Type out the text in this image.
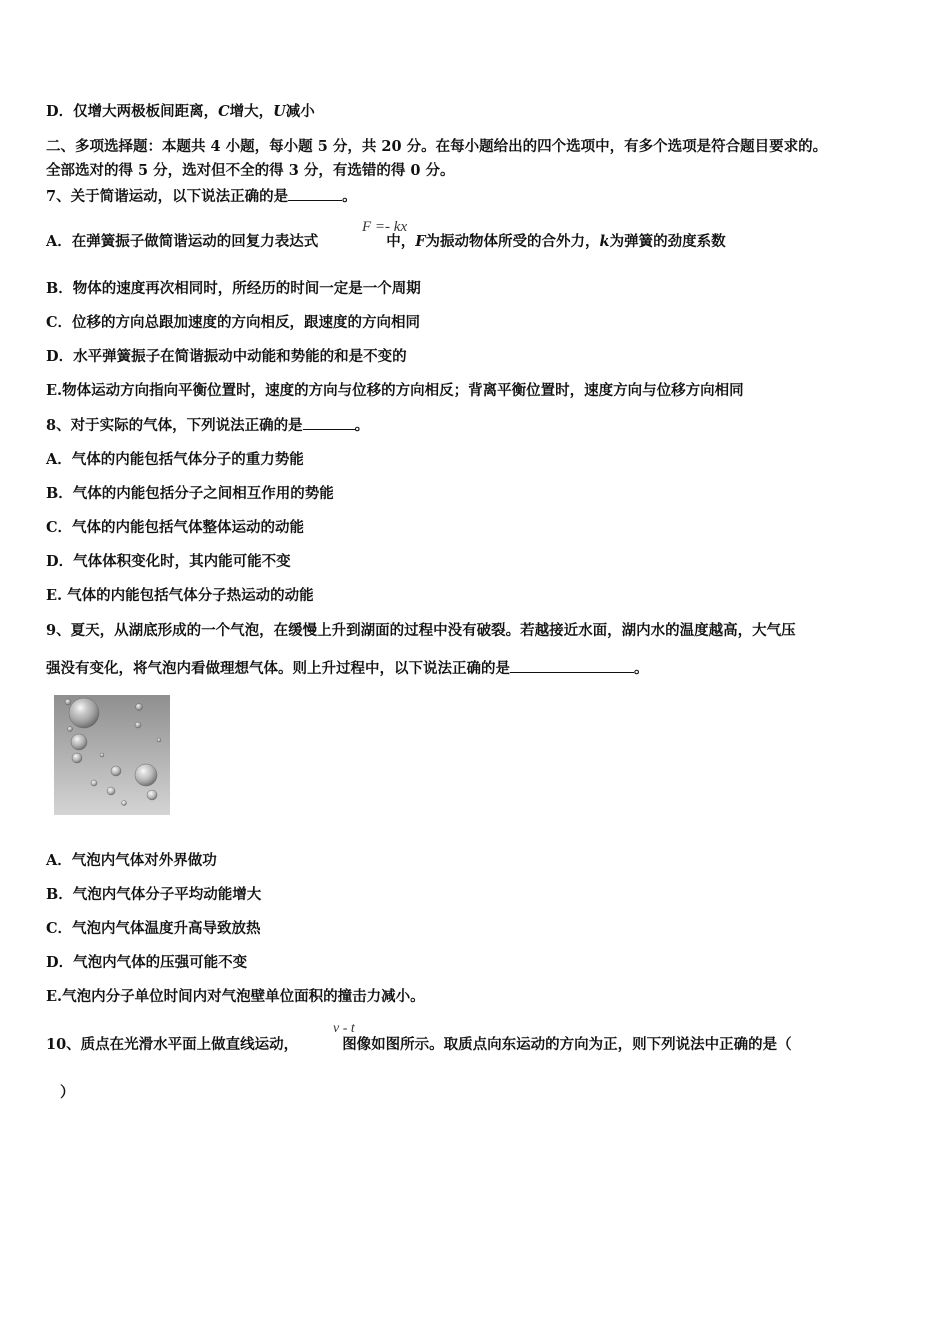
D．仅增大两极板间距离，C增大，U减小
二、多项选择题：本题共 4 小题，每小题 5 分，共 20 分。在每小题给出的四个选项中，有多个选项是符合题目要求的。
全部选对的得 5 分，选对但不全的得 3 分，有选错的得 0 分。
7、关于简谐运动，以下说法正确的是	。
A．在弹簧振子做简谐运动的回复力表达式	中，F为振动物体所受的合外力，k为弹簧的劲度系数
F =- kx
B．物体的速度再次相同时，所经历的时间一定是一个周期
C．位移的方向总跟加速度的方向相反，跟速度的方向相同
D．水平弹簧振子在简谐振动中动能和势能的和是不变的
E.物体运动方向指向平衡位置时，速度的方向与位移的方向相反；背离平衡位置时，速度方向与位移方向相同
8、对于实际的气体，下列说法正确的是	。
A．气体的内能包括气体分子的重力势能
B．气体的内能包括分子之间相互作用的势能
C．气体的内能包括气体整体运动的动能
D．气体体积变化时，其内能可能不变
E. 气体的内能包括气体分子热运动的动能
9、夏天，从湖底形成的一个气泡，在缓慢上升到湖面的过程中没有破裂。若越接近水面，湖内水的温度越高，大气压
强没有变化，将气泡内看做理想气体。则上升过程中，以下说法正确的是	。
A．气泡内气体对外界做功
B．气泡内气体分子平均动能增大
C．气泡内气体温度升高导致放热
D．气泡内气体的压强可能不变
E.气泡内分子单位时间内对气泡壁单位面积的撞击力减小。
10、质点在光滑水平面上做直线运动，	图像如图所示。取质点向东运动的方向为正，则下列说法中正确的是（
v - t
）
